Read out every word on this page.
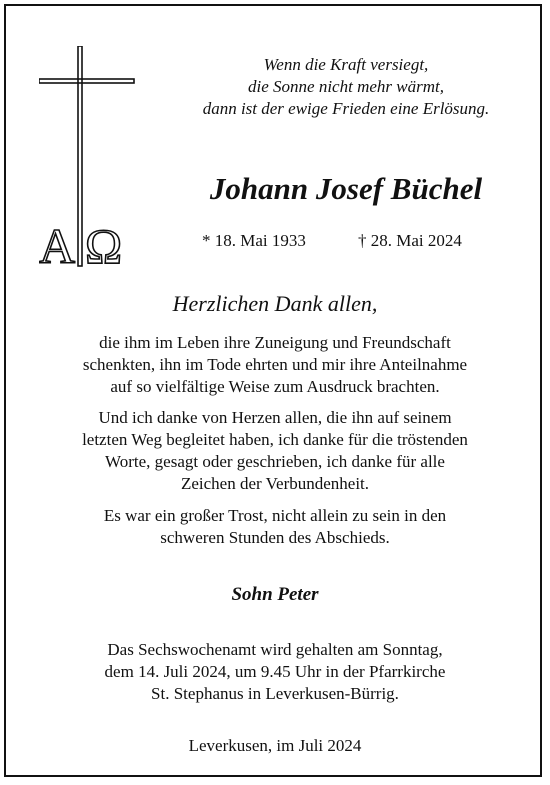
A Ω
Wenn die Kraft versiegt,
die Sonne nicht mehr wärmt,
dann ist der ewige Frieden eine Erlösung.
Johann Josef Büchel
* 18. Mai 1933	† 28. Mai 2024
Herzlichen Dank allen,
die ihm im Leben ihre Zuneigung und Freundschaft
schenkten, ihn im Tode ehrten und mir ihre Anteilnahme
auf so vielfältige Weise zum Ausdruck brachten.
Und ich danke von Herzen allen, die ihn auf seinem
letzten Weg begleitet haben, ich danke für die tröstenden
Worte, gesagt oder geschrieben, ich danke für alle
Zeichen der Verbundenheit.
Es war ein großer Trost, nicht allein zu sein in den
schweren Stunden des Abschieds.
Sohn Peter
Das Sechswochenamt wird gehalten am Sonntag,
dem 14. Juli 2024, um 9.45 Uhr in der Pfarrkirche
St. Stephanus in Leverkusen-Bürrig.
Leverkusen, im Juli 2024
